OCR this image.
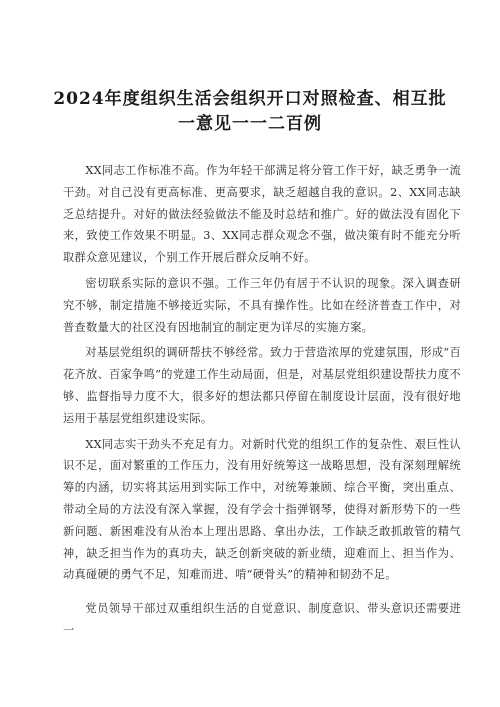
2024年度组织生活会组织开口对照检查、相互批
一意见一一二百例

XX同志工作标准不高。作为年轻干部满足将分管工作干好，缺乏勇争一流干劲。对自己没有更高标准、更高要求，缺乏超越自我的意识。2、XX同志缺乏总结提升。对好的做法经验做法不能及时总结和推广。好的做法没有固化下来，致使工作效果不明显。3、XX同志群众观念不强，做决策有时不能充分听取群众意见建议，个别工作开展后群众反响不好。

密切联系实际的意识不强。工作三年仍有居于不认识的现象。深入调查研究不够，制定措施不够接近实际，不具有操作性。比如在经济普查工作中，对普查数量大的社区没有因地制宜的制定更为详尽的实施方案。

对基层党组织的调研帮扶不够经常。致力于营造浓厚的党建氛围，形成“百花齐放、百家争鸣”的党建工作生动局面，但是，对基层党组织建设帮扶力度不够、监督指导力度不大，很多好的想法都只停留在制度设计层面，没有很好地运用于基层党组织建设实际。

XX同志实干劲头不充足有力。对新时代党的组织工作的复杂性、艰巨性认识不足，面对繁重的工作压力，没有用好统筹这一战略思想，没有深刻理解统筹的内涵，切实将其运用到实际工作中，对统筹兼顾、综合平衡，突出重点、带动全局的方法没有深入掌握，没有学会十指弹钢琴，使得对新形势下的一些新问题、新困难没有从治本上理出思路、拿出办法，工作缺乏敢抓敢管的精气神，缺乏担当作为的真功夫，缺乏创新突破的新业绩，迎难而上、担当作为、动真碰硬的勇气不足，知难而进、啃“硬骨头”的精神和韧劲不足。

党员领导干部过双重组织生活的自觉意识、制度意识、带头意识还需要进一
